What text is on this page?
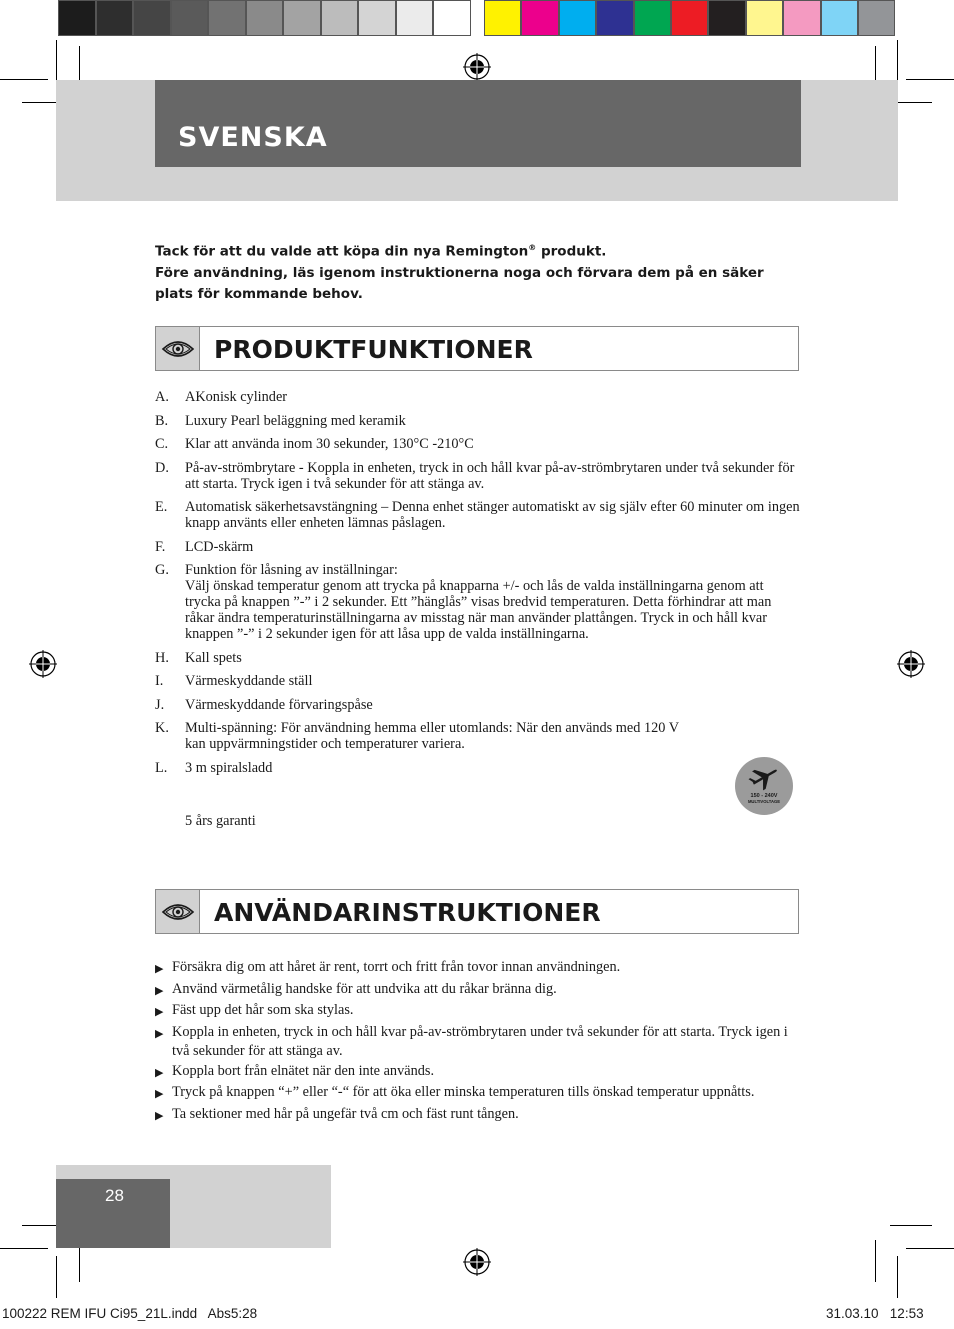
SVENSKA
Tack för att du valde att köpa din nya Remington® produkt.
Före användning, läs igenom instruktionerna noga och förvara dem på en säker plats för kommande behov.
PRODUKTFUNKTIONER
A.	AKonisk cylinder
B.	Luxury Pearl beläggning med keramik
C.	Klar att använda inom 30 sekunder, 130°C -210°C
D.	På-av-strömbrytare - Koppla in enheten, tryck in och håll kvar på-av-strömbrytaren under två sekunder för att starta. Tryck igen i två sekunder för att stänga av.
E.	Automatisk säkerhetsavstängning – Denna enhet stänger automatiskt av sig själv efter 60 minuter om ingen knapp använts eller enheten lämnas påslagen.
F.	LCD-skärm
G.	Funktion för låsning av inställningar:
Välj önskad temperatur genom att trycka på knapparna +/- och lås de valda inställningarna genom att trycka på knappen ”-” i 2 sekunder. Ett ”hänglås” visas bredvid temperaturen. Detta förhindrar att man råkar ändra temperaturinställningarna av misstag när man använder plattången. Tryck in och håll kvar knappen ”-” i 2 sekunder igen för att låsa upp de valda inställningarna.
H.	Kall spets
I.	Värmeskyddande ställ
J.	Värmeskyddande förvaringspåse
K.	Multi-spänning: För användning hemma eller utomlands: När den används med 120 V kan uppvärmningstider och temperaturer variera.
L.	3 m spiralsladd
5 års garanti
150 - 240V
MULTIVOLTAGE
ANVÄNDARINSTRUKTIONER
▶ Försäkra dig om att håret är rent, torrt och fritt från tovor innan användningen.
▶ Använd värmetålig handske för att undvika att du råkar bränna dig.
▶ Fäst upp det hår som ska stylas.
▶ Koppla in enheten, tryck in och håll kvar på-av-strömbrytaren under två sekunder för att starta. Tryck igen i två sekunder för att stänga av.
▶ Koppla bort från elnätet när den inte används.
▶ Tryck på knappen “+” eller “-“ för att öka eller minska temperaturen tills önskad temperatur uppnåtts.
▶ Ta sektioner med hår på ungefär två cm och fäst runt tången.
28
100222 REM IFU Ci95_21L.indd   Abs5:28	31.03.10   12:53
